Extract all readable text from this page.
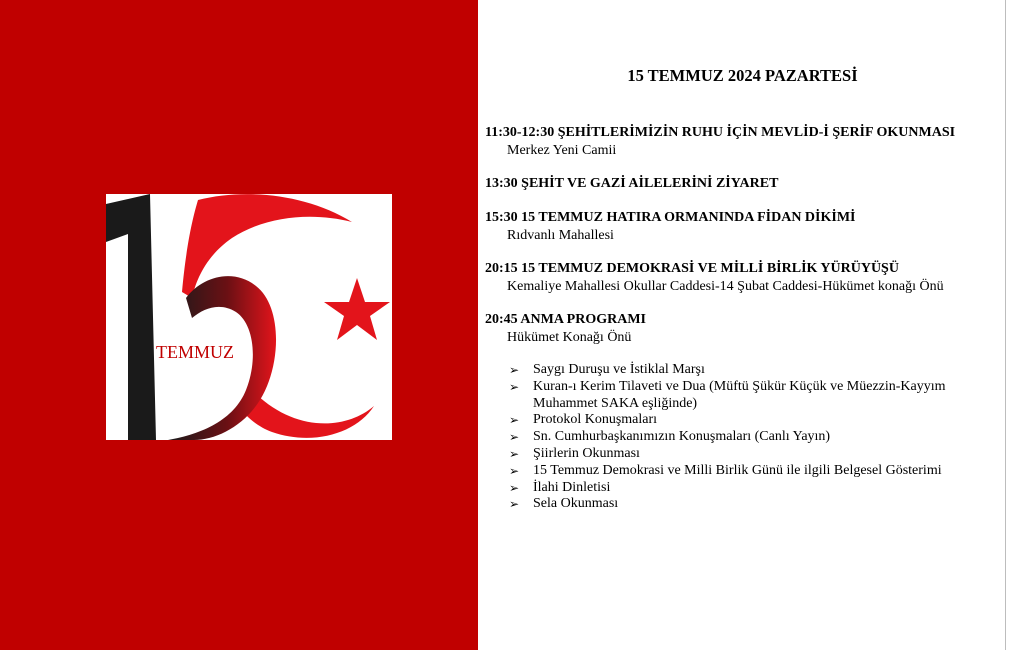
TEMMUZ
15 TEMMUZ 2024 PAZARTESİ
11:30-12:30 ŞEHİTLERİMİZİN RUHU İÇİN MEVLİD-İ ŞERİF OKUNMASI
Merkez Yeni Camii
13:30 ŞEHİT VE GAZİ AİLELERİNİ ZİYARET
15:30 15 TEMMUZ HATIRA ORMANINDA FİDAN DİKİMİ
Rıdvanlı Mahallesi
20:15 15 TEMMUZ DEMOKRASİ VE MİLLİ BİRLİK YÜRÜYÜŞÜ
Kemaliye Mahallesi Okullar Caddesi-14 Şubat Caddesi-Hükümet konağı Önü
20:45 ANMA PROGRAMI
Hükümet Konağı Önü
➢ Saygı Duruşu ve İstiklal Marşı
➢ Kuran-ı Kerim Tilaveti ve Dua (Müftü Şükür Küçük ve Müezzin-Kayyım Muhammet SAKA eşliğinde)
➢ Protokol Konuşmaları
➢ Sn. Cumhurbaşkanımızın Konuşmaları (Canlı Yayın)
➢ Şiirlerin Okunması
➢ 15 Temmuz Demokrasi ve Milli Birlik Günü ile ilgili Belgesel Gösterimi
➢ İlahi Dinletisi
➢ Sela Okunması
